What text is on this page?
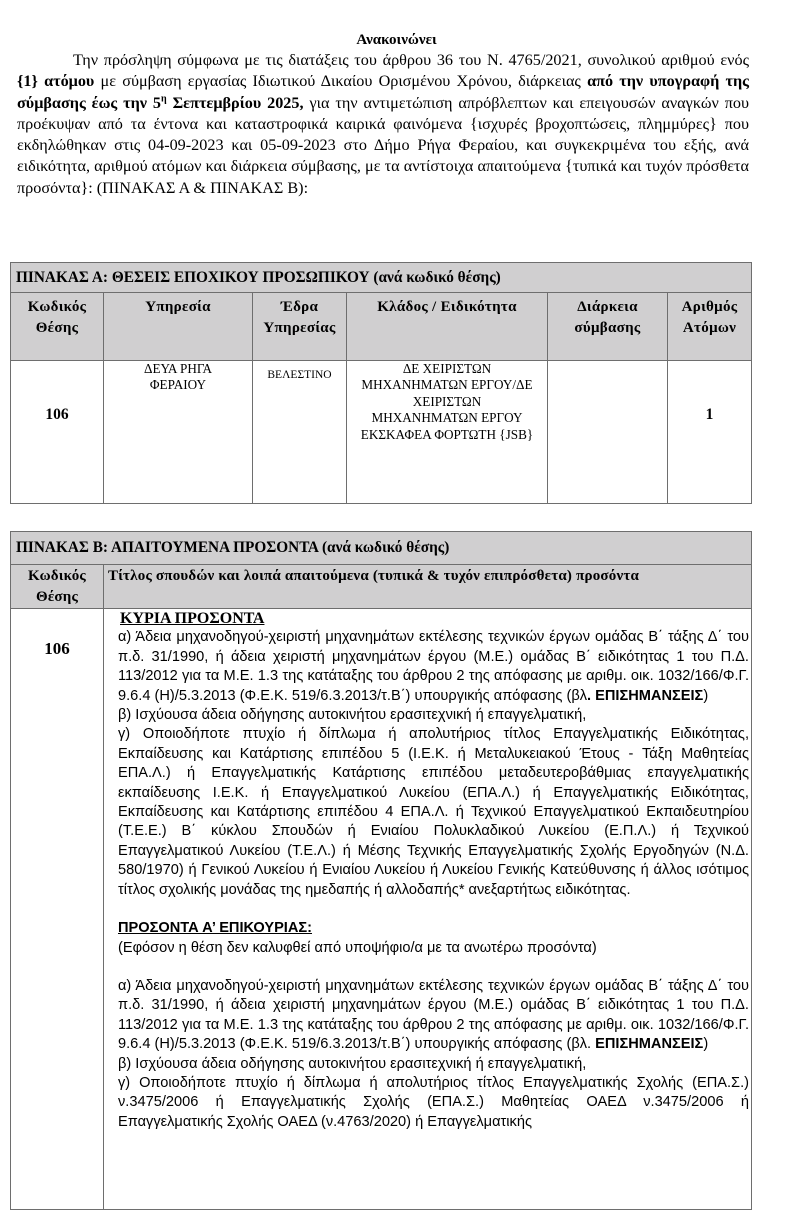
Ανακοινώνει
Την πρόσληψη σύμφωνα με τις διατάξεις του άρθρου 36 του Ν. 4765/2021, συνολικού αριθμού ενός {1} ατόμου με σύμβαση εργασίας Ιδιωτικού Δικαίου Ορισμένου Χρόνου, διάρκειας από την υπογραφή της σύμβασης έως την $5^\eta$ Σεπτεμβρίου 2025, για την αντιμετώπιση απρόβλεπτων και επειγουσών αναγκών που προέκυψαν από τα έντονα και καταστροφικά καιρικά φαινόμενα {ισχυρές βροχοπτώσεις, πλημμύρες} που εκδηλώθηκαν στις 04-09-2023 και 05-09-2023 στο Δήμο Ρήγα Φεραίου, και συγκεκριμένα του εξής, ανά ειδικότητα, αριθμού ατόμων και διάρκεια σύμβασης, με τα αντίστοιχα απαιτούμενα {τυπικά και τυχόν πρόσθετα προσόντα}: (ΠΙΝΑΚΑΣ Α & ΠΙΝΑΚΑΣ Β):
ΠΙΝΑΚΑΣ Α: ΘΕΣΕΙΣ ΕΠΟΧΙΚΟΥ ΠΡΟΣΩΠΙΚΟΥ (ανά κωδικό θέσης)					
Κωδικός Θέσης	Υπηρεσία	Έδρα Υπηρεσίας	Κλάδος / Ειδικότητα	Διάρκεια σύμβασης	Αριθμός Ατόμων
106	ΔΕΥΑ ΡΗΓΑ ΦΕΡΑΙΟΥ	ΒΕΛΕΣΤΙΝΟ	ΔΕ ΧΕΙΡΙΣΤΩΝ ΜΗΧΑΝΗΜΑΤΩΝ ΕΡΓΟΥ/ΔΕ ΧΕΙΡΙΣΤΩΝ ΜΗΧΑΝΗΜΑΤΩΝ ΕΡΓΟΥ ΕΚΣΚΑΦΕΑ ΦΟΡΤΩΤΗ {JSB}		1
ΠΙΝΑΚΑΣ Β: ΑΠΑΙΤΟΥΜΕΝΑ ΠΡΟΣΟΝΤΑ (ανά κωδικό θέσης)	
Κωδικός Θέσης	Τίτλος σπουδών και λοιπά απαιτούμενα (τυπικά & τυχόν επιπρόσθετα) προσόντα
106	
ΚΥΡΙΑ ΠΡΟΣΟΝΤΑ

α) Άδεια μηχανοδηγού-χειριστή μηχανημάτων εκτέλεσης τεχνικών έργων ομάδας Β΄ τάξης Δ΄ του π.δ. 31/1990, ή άδεια χειριστή μηχανημάτων έργου (Μ.Ε.) ομάδας Β΄ ειδικότητας 1 του Π.Δ. 113/2012 για τα Μ.Ε. 1.3 της κατάταξης του άρθρου 2 της απόφασης με αριθμ. οικ. 1032/166/Φ.Γ. 9.6.4 (Η)/5.3.2013 (Φ.Ε.Κ. 519/6.3.2013/τ.Β΄) υπουργικής απόφασης (βλ. ΕΠΙΣΗΜΑΝΣΕΙΣ)

β) Ισχύουσα άδεια οδήγησης αυτοκινήτου ερασιτεχνική ή επαγγελματική,

γ) Οποιοδήποτε πτυχίο ή δίπλωμα ή απολυτήριος τίτλος Επαγγελματικής Ειδικότητας, Εκπαίδευσης και Κατάρτισης επιπέδου 5 (Ι.Ε.Κ. ή Μεταλυκειακού Έτους - Τάξη Μαθητείας ΕΠΑ.Λ.) ή Επαγγελματικής Κατάρτισης επιπέδου μεταδευτεροβάθμιας επαγγελματικής εκπαίδευσης Ι.Ε.Κ. ή Επαγγελματικού Λυκείου (ΕΠΑ.Λ.) ή Επαγγελματικής Ειδικότητας, Εκπαίδευσης και Κατάρτισης επιπέδου 4 ΕΠΑ.Λ. ή Τεχνικού Επαγγελματικού Εκπαιδευτηρίου (Τ.Ε.Ε.) Β΄ κύκλου Σπουδών ή Ενιαίου Πολυκλαδικού Λυκείου (Ε.Π.Λ.) ή Τεχνικού Επαγγελματικού Λυκείου (Τ.Ε.Λ.) ή Μέσης Τεχνικής Επαγγελματικής Σχολής Εργοδηγών (Ν.Δ. 580/1970) ή Γενικού Λυκείου ή Ενιαίου Λυκείου ή Λυκείου Γενικής Κατεύθυνσης ή άλλος ισότιμος τίτλος σχολικής μονάδας της ημεδαπής ή αλλοδαπής* ανεξαρτήτως ειδικότητας.

ΠΡΟΣΟΝΤΑ Α’ ΕΠΙΚΟΥΡΙΑΣ:

(Εφόσον η θέση δεν καλυφθεί από υποψήφιο/α με τα ανωτέρω προσόντα)

α) Άδεια μηχανοδηγού-χειριστή μηχανημάτων εκτέλεσης τεχνικών έργων ομάδας Β΄ τάξης Δ΄ του π.δ. 31/1990, ή άδεια χειριστή μηχανημάτων έργου (Μ.Ε.) ομάδας Β΄ ειδικότητας 1 του Π.Δ. 113/2012 για τα Μ.Ε. 1.3 της κατάταξης του άρθρου 2 της απόφασης με αριθμ. οικ. 1032/166/Φ.Γ. 9.6.4 (Η)/5.3.2013 (Φ.Ε.Κ. 519/6.3.2013/τ.Β΄) υπουργικής απόφασης (βλ. ΕΠΙΣΗΜΑΝΣΕΙΣ)

β) Ισχύουσα άδεια οδήγησης αυτοκινήτου ερασιτεχνική ή επαγγελματική,

γ) Οποιοδήποτε πτυχίο ή δίπλωμα ή απολυτήριος τίτλος Επαγγελματικής Σχολής (ΕΠΑ.Σ.) ν.3475/2006 ή Επαγγελματικής Σχολής (ΕΠΑ.Σ.) Μαθητείας ΟΑΕΔ ν.3475/2006 ή Επαγγελματικής Σχολής ΟΑΕΔ (ν.4763/2020) ή Επαγγελματικής
